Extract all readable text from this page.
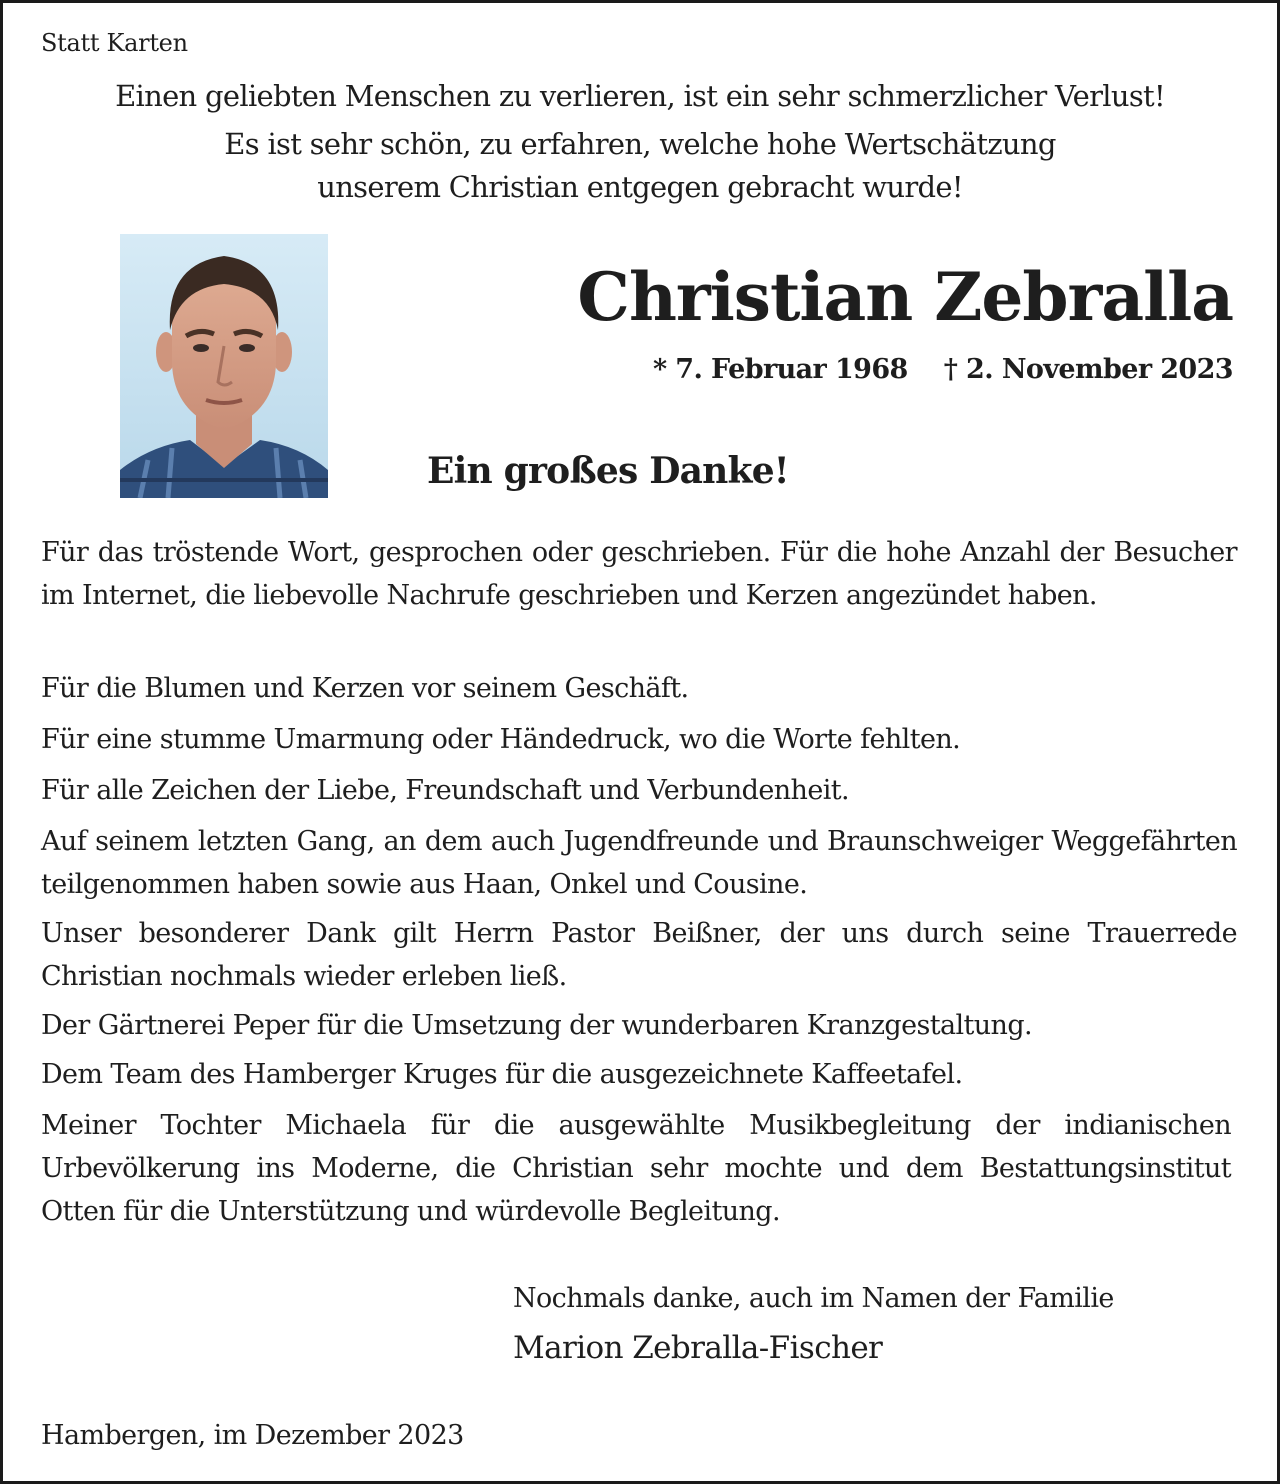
Statt Karten
Einen geliebten Menschen zu verlieren, ist ein sehr schmerzlicher Verlust!
Es ist sehr schön, zu erfahren, welche hohe Wertschätzung
unserem Christian entgegen gebracht wurde!
Christian Zebralla
* 7. Februar 1968 † 2. November 2023
Ein großes Danke!
Für das tröstende Wort, gesprochen oder geschrieben. Für die hohe Anzahl der Besucher im Internet, die liebevolle Nachrufe geschrieben und Kerzen angezündet haben.
Für die Blumen und Kerzen vor seinem Geschäft.
Für eine stumme Umarmung oder Händedruck, wo die Worte fehlten.
Für alle Zeichen der Liebe, Freundschaft und Verbundenheit.
Auf seinem letzten Gang, an dem auch Jugendfreunde und Braunschweiger Weggefährten teilgenommen haben sowie aus Haan, Onkel und Cousine.
Unser besonderer Dank gilt Herrn Pastor Beißner, der uns durch seine Trauerrede Christian nochmals wieder erleben ließ.
Der Gärtnerei Peper für die Umsetzung der wunderbaren Kranzgestaltung.
Dem Team des Hamberger Kruges für die ausgezeichnete Kaffeetafel.
Meiner Tochter Michaela für die ausgewählte Musikbegleitung der indianischen Urbevölkerung ins Moderne, die Christian sehr mochte und dem Bestattungsinstitut Otten für die Unterstützung und würdevolle Begleitung.
Nochmals danke, auch im Namen der Familie
Marion Zebralla-Fischer
Hambergen, im Dezember 2023
